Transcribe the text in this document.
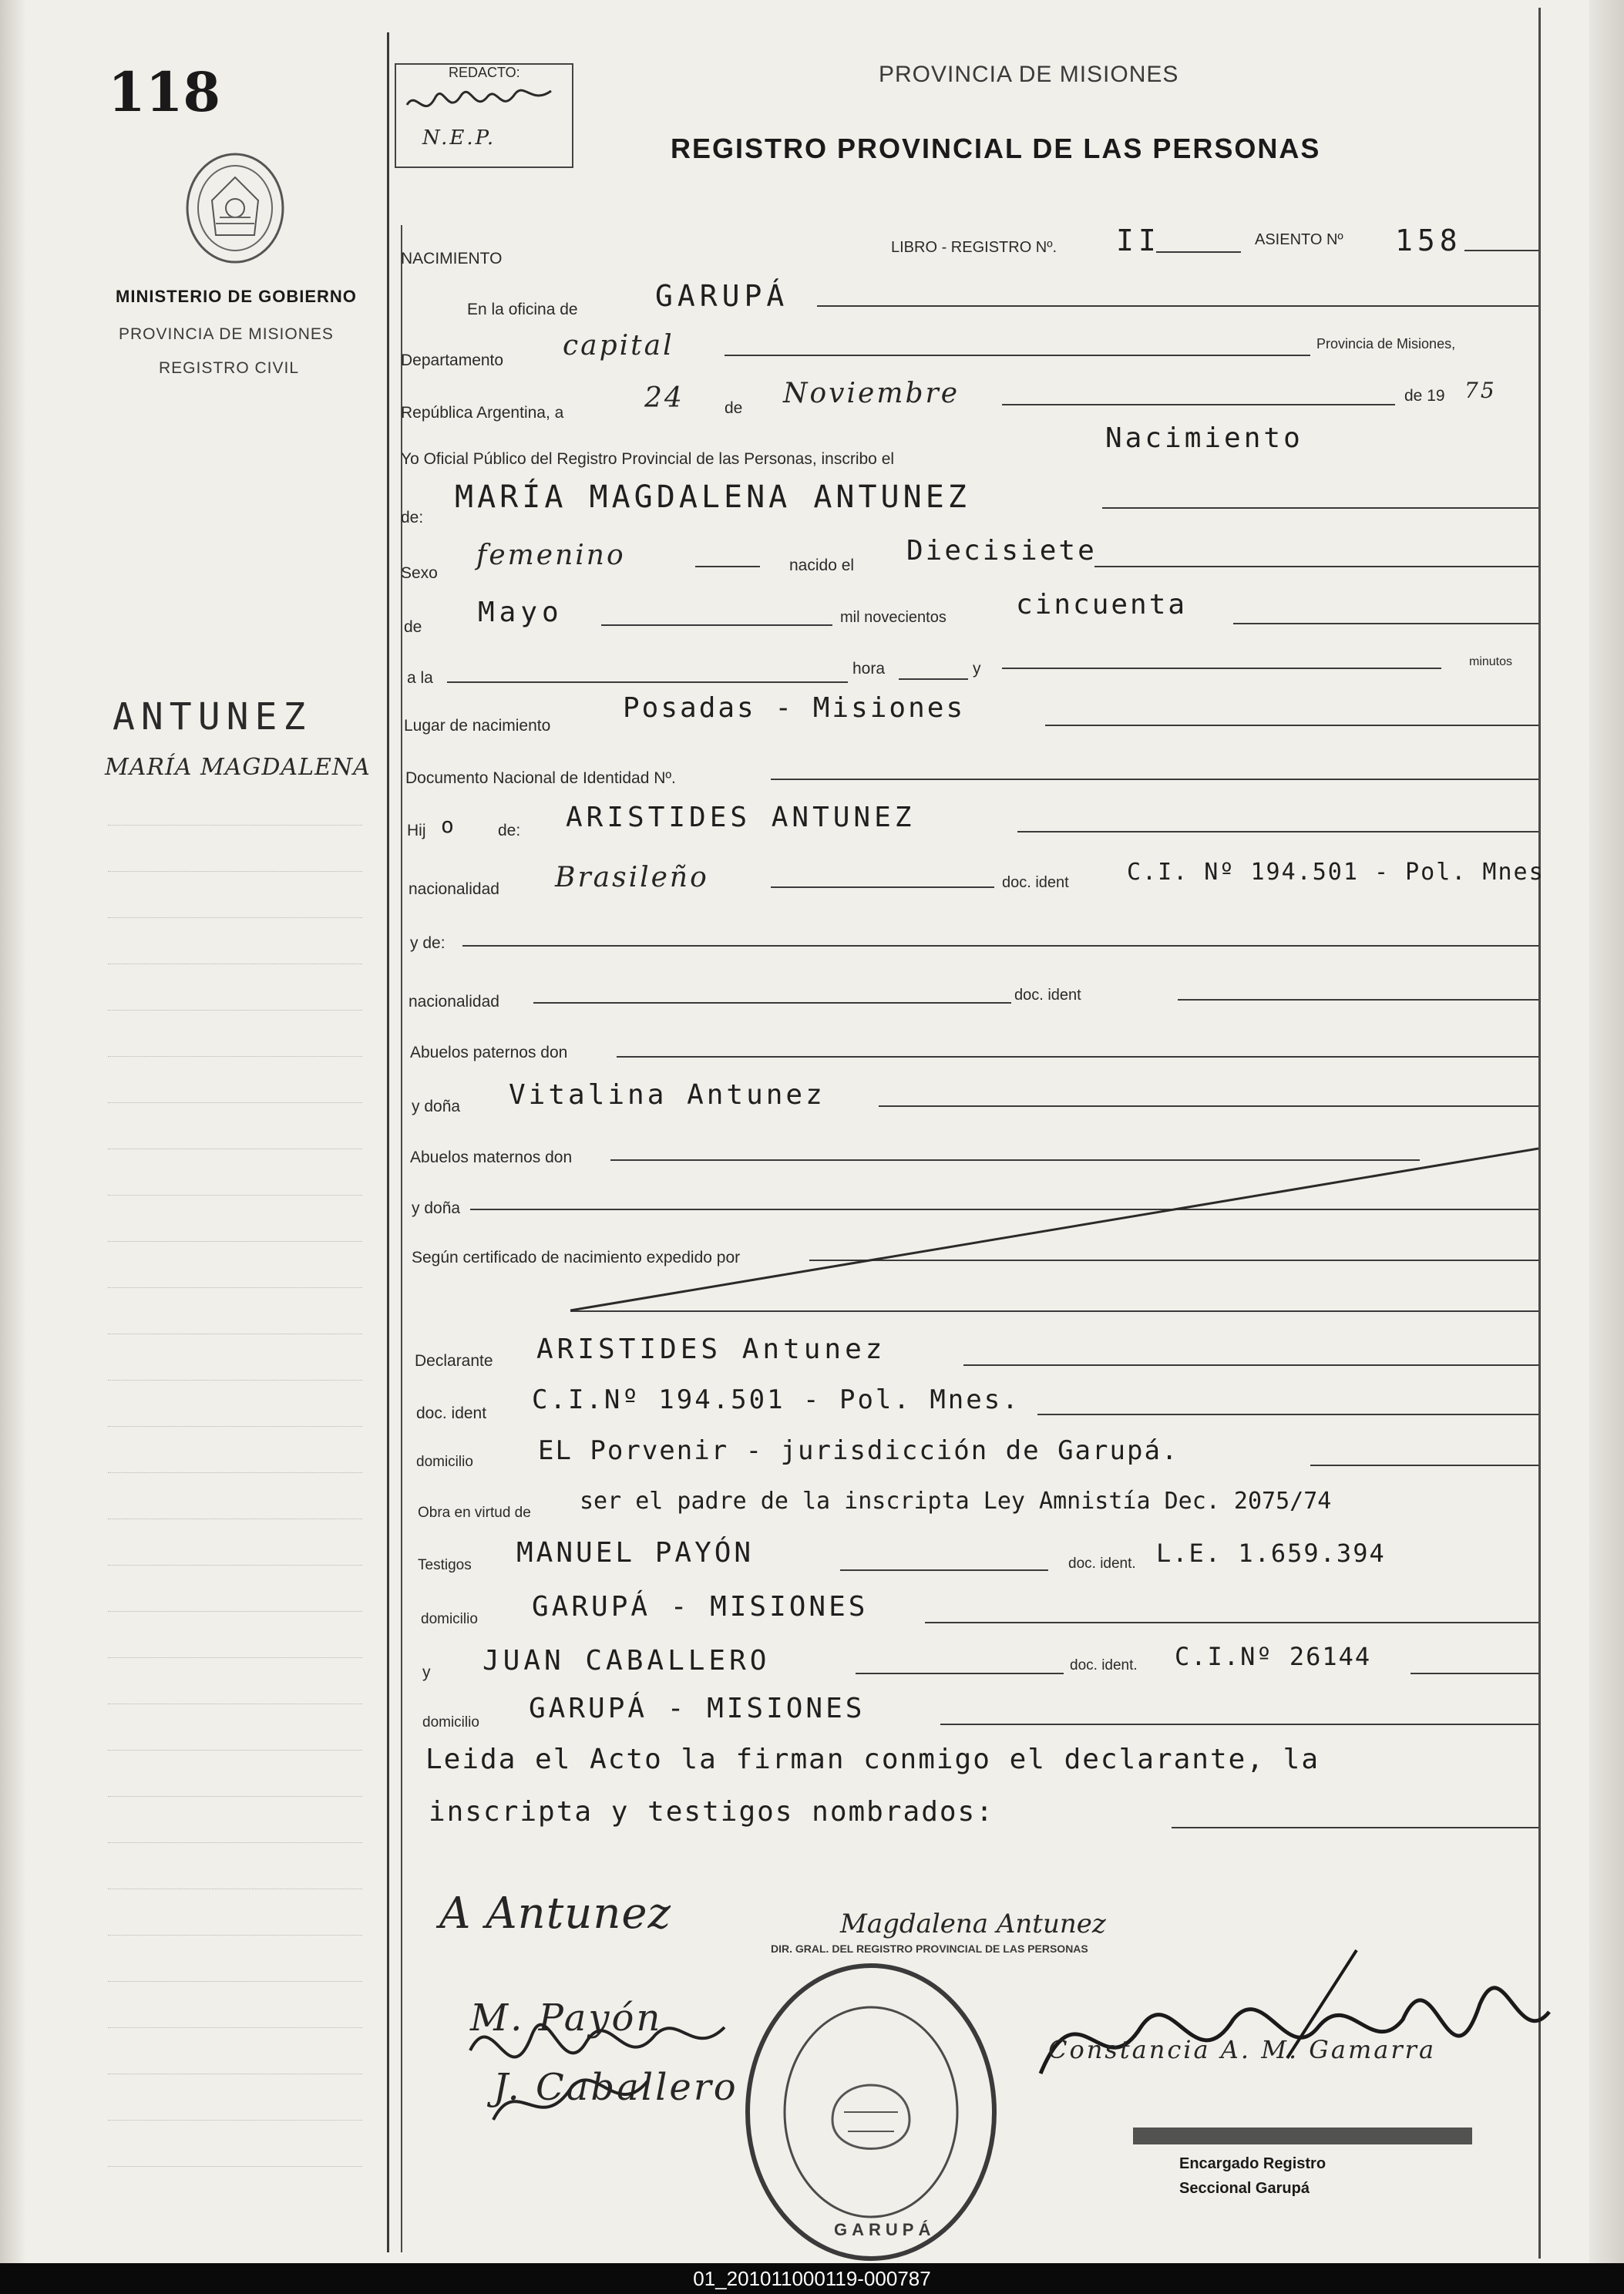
118
MINISTERIO DE GOBIERNO
PROVINCIA DE MISIONES
REGISTRO CIVIL
ANTUNEZ
MARÍA MAGDALENA
REDACTO:
N.E.P.
PROVINCIA DE MISIONES
REGISTRO PROVINCIAL DE LAS PERSONAS
NACIMIENTO
LIBRO - REGISTRO Nº. II	ASIENTO Nº 158
En la oficina de	GARUPÁ
Departamento capital	Provincia de Misiones,
República Argentina, a	24 de Noviembre	de 19 75
Yo Oficial Público del Registro Provincial de las Personas, inscribo el
Nacimiento
de:
MARÍA MAGDALENA ANTUNEZ
Sexo
femenino	nacido el Diecisiete
de Mayo	mil novecientos	cincuenta
a la
hora	y	minutos
Lugar de nacimiento
Posadas - Misiones
Documento Nacional de Identidad Nº.
Hij o de: ARISTIDES ANTUNEZ
nacionalidad Brasileño	doc. ident	C.I. Nº 194.501 - Pol. Mnes
y de:
nacionalidad	doc. ident
Abuelos paternos don
y doña Vitalina Antunez
Abuelos maternos don
y doña
Según certificado de nacimiento expedido por
Declarante ARISTIDES Antunez
doc. ident C.I.Nº 194.501 - Pol. Mnes.
domicilio EL Porvenir - jurisdicción de Garupá.
Obra en virtud de ser el padre de la inscripta Ley Amnistía Dec. 2075/74
Testigos MANUEL PAYÓN	doc. ident. L.E. 1.659.394
domicilio GARUPÁ - MISIONES
y JUAN CABALLERO	doc. ident. C.I.Nº 26144
domicilio GARUPÁ - MISIONES
Leida el Acto la firman conmigo el declarante, la
inscripta y testigos nombrados:
A Antunez	Magdalena Antunez
M. Payón
J. Caballero
Constancia A. M. Gamarra
Encargado Registro
Seccional Garupá
DIR. GRAL. DEL REGISTRO PROVINCIAL DE LAS PERSONAS
GARUPÁ
01_201011000119-000787
